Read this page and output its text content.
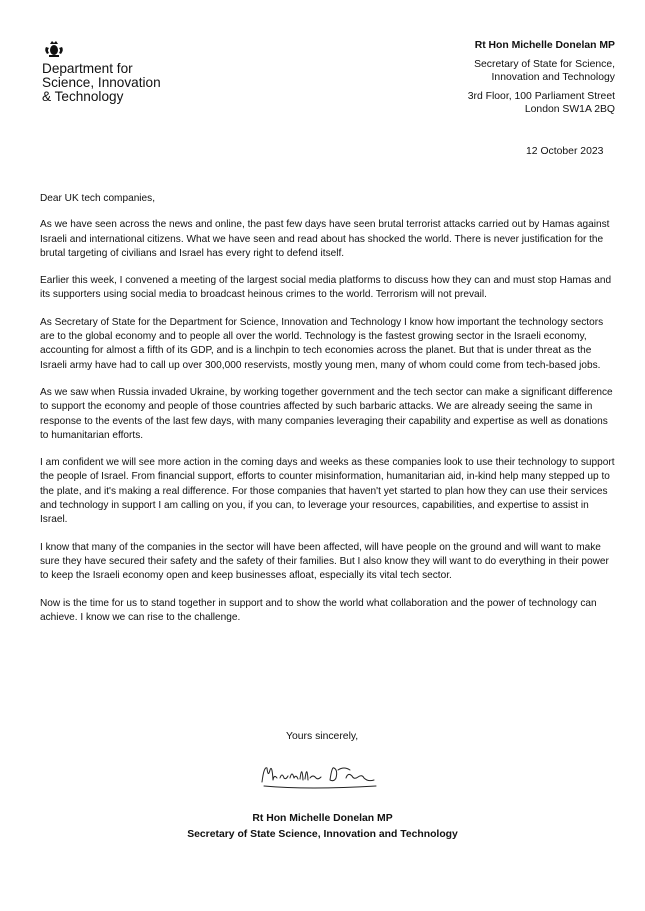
Department for
Science, Innovation
& Technology
Rt Hon Michelle Donelan MP
Secretary of State for Science,
Innovation and Technology
3rd Floor, 100 Parliament Street
London SW1A 2BQ
12 October 2023

Dear UK tech companies,

As we have seen across the news and online, the past few days have seen brutal terrorist attacks carried out by Hamas against Israeli and international citizens. What we have seen and read about has shocked the world. There is never justification for the brutal targeting of civilians and Israel has every right to defend itself.

Earlier this week, I convened a meeting of the largest social media platforms to discuss how they can and must stop Hamas and its supporters using social media to broadcast heinous crimes to the world. Terrorism will not prevail.

As Secretary of State for the Department for Science, Innovation and Technology I know how important the technology sectors are to the global economy and to people all over the world. Technology is the fastest growing sector in the Israeli economy, accounting for almost a fifth of its GDP, and is a linchpin to tech economies across the planet. But that is under threat as the Israeli army have had to call up over 300,000 reservists, mostly young men, many of whom could come from tech-based jobs.

As we saw when Russia invaded Ukraine, by working together government and the tech sector can make a significant difference to support the economy and people of those countries affected by such barbaric attacks. We are already seeing the same in response to the events of the last few days, with many companies leveraging their capability and expertise as well as donations to humanitarian efforts.

I am confident we will see more action in the coming days and weeks as these companies look to use their technology to support the people of Israel. From financial support, efforts to counter misinformation, humanitarian aid, in-kind help many stepped up to the plate, and it's making a real difference. For those companies that haven't yet started to plan how they can use their services and technology in support I am calling on you, if you can, to leverage your resources, capabilities, and expertise to assist in Israel.

I know that many of the companies in the sector will have been affected, will have people on the ground and will want to make sure they have secured their safety and the safety of their families. But I also know they will want to do everything in their power to keep the Israeli economy open and keep businesses afloat, especially its vital tech sector.

Now is the time for us to stand together in support and to show the world what collaboration and the power of technology can achieve. I know we can rise to the challenge.

Yours sincerely,
Rt Hon Michelle Donelan MP
Secretary of State Science, Innovation and Technology
